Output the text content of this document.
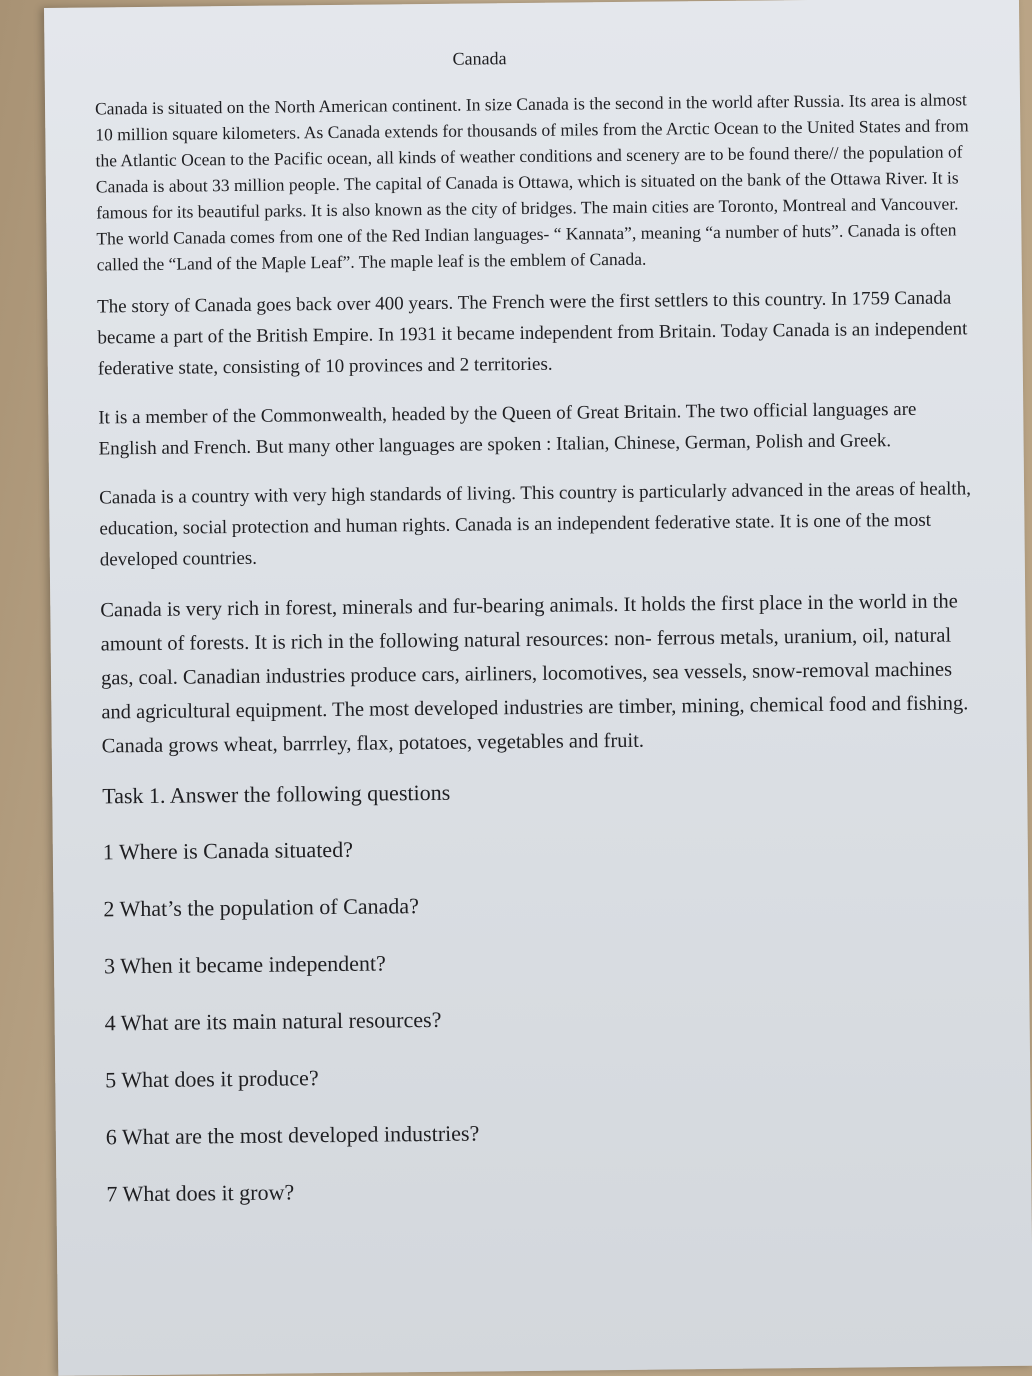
Canada

Canada is situated on the North American continent. In size Canada is the second in the world after Russia. Its area is almost 10 million square kilometers. As Canada extends for thousands of miles from the Arctic Ocean to the United States and from the Atlantic Ocean to the Pacific ocean, all kinds of weather conditions and scenery are to be found there// the population of Canada is about 33 million people. The capital of Canada is Ottawa, which is situated on the bank of the Ottawa River. It is famous for its beautiful parks. It is also known as the city of bridges. The main cities are Toronto, Montreal and Vancouver. The world Canada comes from one of the Red Indian languages- “ Kannata”, meaning “a number of huts”. Canada is often called the “Land of the Maple Leaf”. The maple leaf is the emblem of Canada.

The story of Canada goes back over 400 years. The French were the first settlers to this country. In 1759 Canada became a part of the British Empire. In 1931 it became independent from Britain. Today Canada is an independent federative state, consisting of 10 provinces and 2 territories.

It is a member of the Commonwealth, headed by the Queen of Great Britain. The two official languages are English and French. But many other languages are spoken : Italian, Chinese, German, Polish and Greek.

Canada is a country with very high standards of living. This country is particularly advanced in the areas of health, education, social protection and human rights. Canada is an independent federative state. It is one of the most developed countries.

Canada is very rich in forest, minerals and fur-bearing animals. It holds the first place in the world in the amount of forests. It is rich in the following natural resources: non- ferrous metals, uranium, oil, natural gas, coal. Canadian industries produce cars, airliners, locomotives, sea vessels, snow-removal machines and agricultural equipment. The most developed industries are timber, mining, chemical food and fishing. Canada grows wheat, barrrley, flax, potatoes, vegetables and fruit.

Task 1. Answer the following questions
1 Where is Canada situated?
2 What’s the population of Canada?
3 When it became independent?
4 What are its main natural resources?
5 What does it produce?
6 What are the most developed industries?
7 What does it grow?
